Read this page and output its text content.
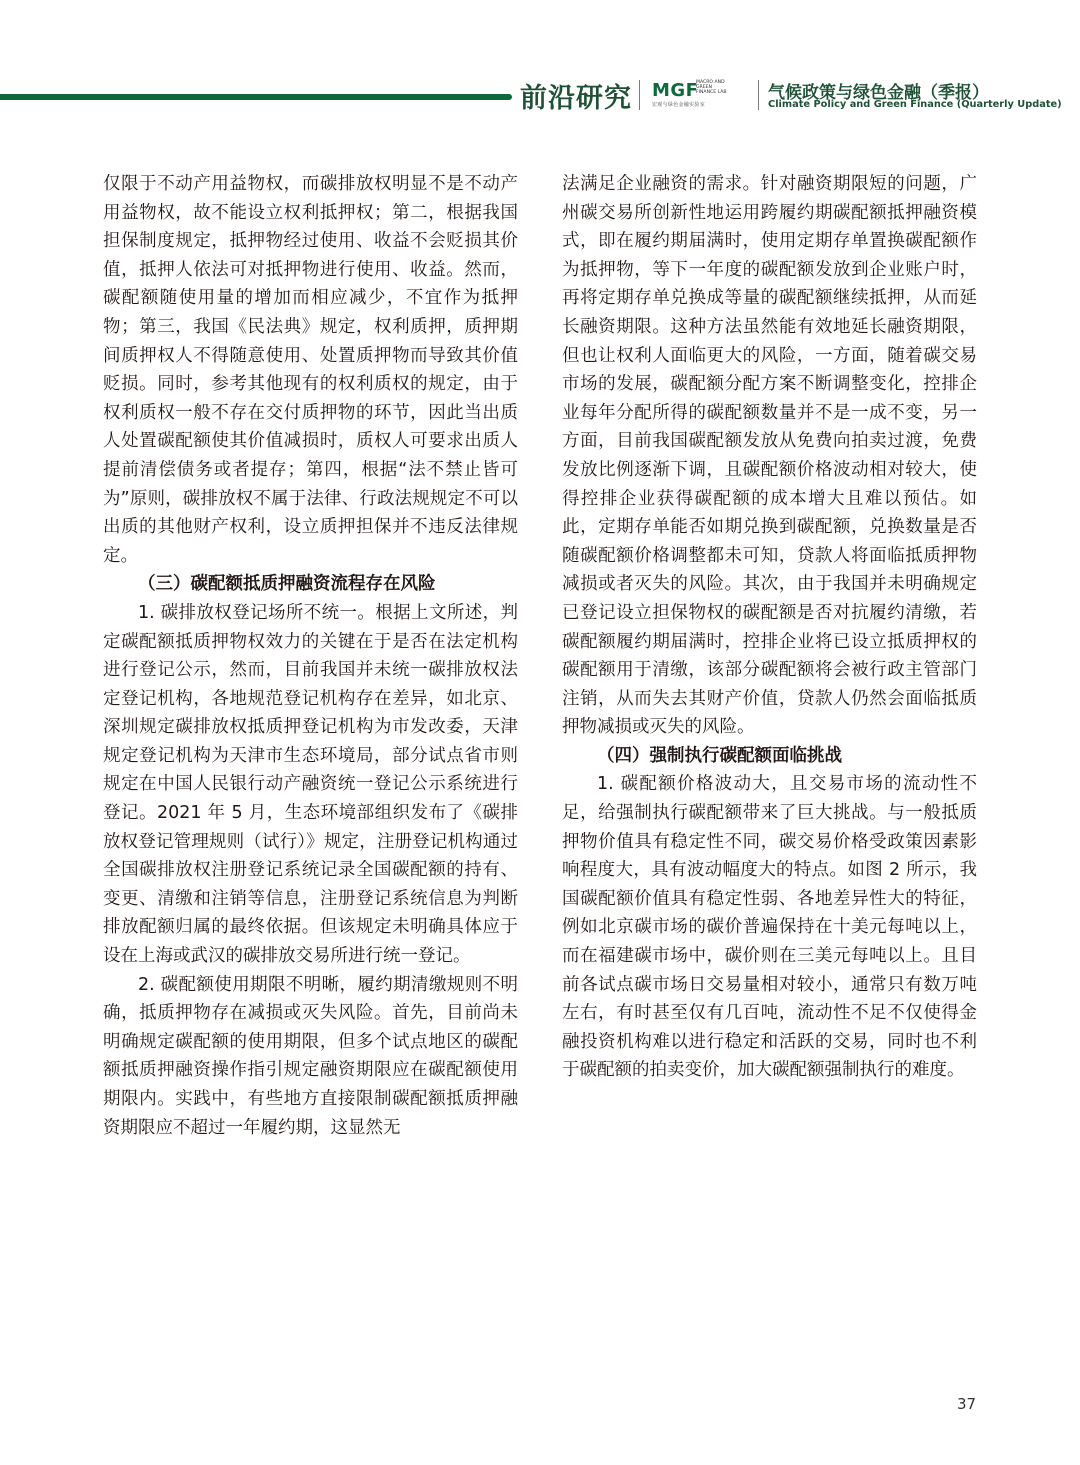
前沿研究 MGF
MACRO AND
GREEN
FINANCE LAB
宏观与绿色金融实验室
气候政策与绿色金融（季报）
Climate Policy and Green Finance (Quarterly Update)

仅限于不动产用益物权，而碳排放权明显不是不动产用益物权，故不能设立权利抵押权；第二，根据我国担保制度规定，抵押物经过使用、收益不会贬损其价值，抵押人依法可对抵押物进行使用、收益。然而，碳配额随使用量的增加而相应减少，不宜作为抵押物；第三，我国《民法典》规定，权利质押，质押期间质押权人不得随意使用、处置质押物而导致其价值贬损。同时，参考其他现有的权利质权的规定，由于权利质权一般不存在交付质押物的环节，因此当出质人处置碳配额使其价值减损时，质权人可要求出质人提前清偿债务或者提存；第四，根据“法不禁止皆可为”原则，碳排放权不属于法律、行政法规规定不可以出质的其他财产权利，设立质押担保并不违反法律规定。

（三）碳配额抵质押融资流程存在风险

1. 碳排放权登记场所不统一。根据上文所述，判定碳配额抵质押物权效力的关键在于是否在法定机构进行登记公示，然而，目前我国并未统一碳排放权法定登记机构，各地规范登记机构存在差异，如北京、深圳规定碳排放权抵质押登记机构为市发改委，天津规定登记机构为天津市生态环境局，部分试点省市则规定在中国人民银行动产融资统一登记公示系统进行登记。2021 年 5 月，生态环境部组织发布了《碳排放权登记管理规则（试行）》规定，注册登记机构通过全国碳排放权注册登记系统记录全国碳配额的持有、变更、清缴和注销等信息，注册登记系统信息为判断排放配额归属的最终依据。但该规定未明确具体应于设在上海或武汉的碳排放交易所进行统一登记。

2. 碳配额使用期限不明晰，履约期清缴规则不明确，抵质押物存在减损或灭失风险。首先，目前尚未明确规定碳配额的使用期限，但多个试点地区的碳配额抵质押融资操作指引规定融资期限应在碳配额使用期限内。实践中，有些地方直接限制碳配额抵质押融资期限应不超过一年履约期，这显然无

法满足企业融资的需求。针对融资期限短的问题，广州碳交易所创新性地运用跨履约期碳配额抵押融资模式，即在履约期届满时，使用定期存单置换碳配额作为抵押物，等下一年度的碳配额发放到企业账户时，再将定期存单兑换成等量的碳配额继续抵押，从而延长融资期限。这种方法虽然能有效地延长融资期限，但也让权利人面临更大的风险，一方面，随着碳交易市场的发展，碳配额分配方案不断调整变化，控排企业每年分配所得的碳配额数量并不是一成不变，另一方面，目前我国碳配额发放从免费向拍卖过渡，免费发放比例逐渐下调，且碳配额价格波动相对较大，使得控排企业获得碳配额的成本增大且难以预估。如此，定期存单能否如期兑换到碳配额，兑换数量是否随碳配额价格调整都未可知，贷款人将面临抵质押物减损或者灭失的风险。其次，由于我国并未明确规定已登记设立担保物权的碳配额是否对抗履约清缴，若碳配额履约期届满时，控排企业将已设立抵质押权的碳配额用于清缴，该部分碳配额将会被行政主管部门注销，从而失去其财产价值，贷款人仍然会面临抵质押物减损或灭失的风险。

（四）强制执行碳配额面临挑战

1. 碳配额价格波动大，且交易市场的流动性不足，给强制执行碳配额带来了巨大挑战。与一般抵质押物价值具有稳定性不同，碳交易价格受政策因素影响程度大，具有波动幅度大的特点。如图 2 所示，我国碳配额价值具有稳定性弱、各地差异性大的特征，例如北京碳市场的碳价普遍保持在十美元每吨以上，而在福建碳市场中，碳价则在三美元每吨以上。且目前各试点碳市场日交易量相对较小，通常只有数万吨左右，有时甚至仅有几百吨，流动性不足不仅使得金融投资机构难以进行稳定和活跃的交易，同时也不利于碳配额的拍卖变价，加大碳配额强制执行的难度。

37
